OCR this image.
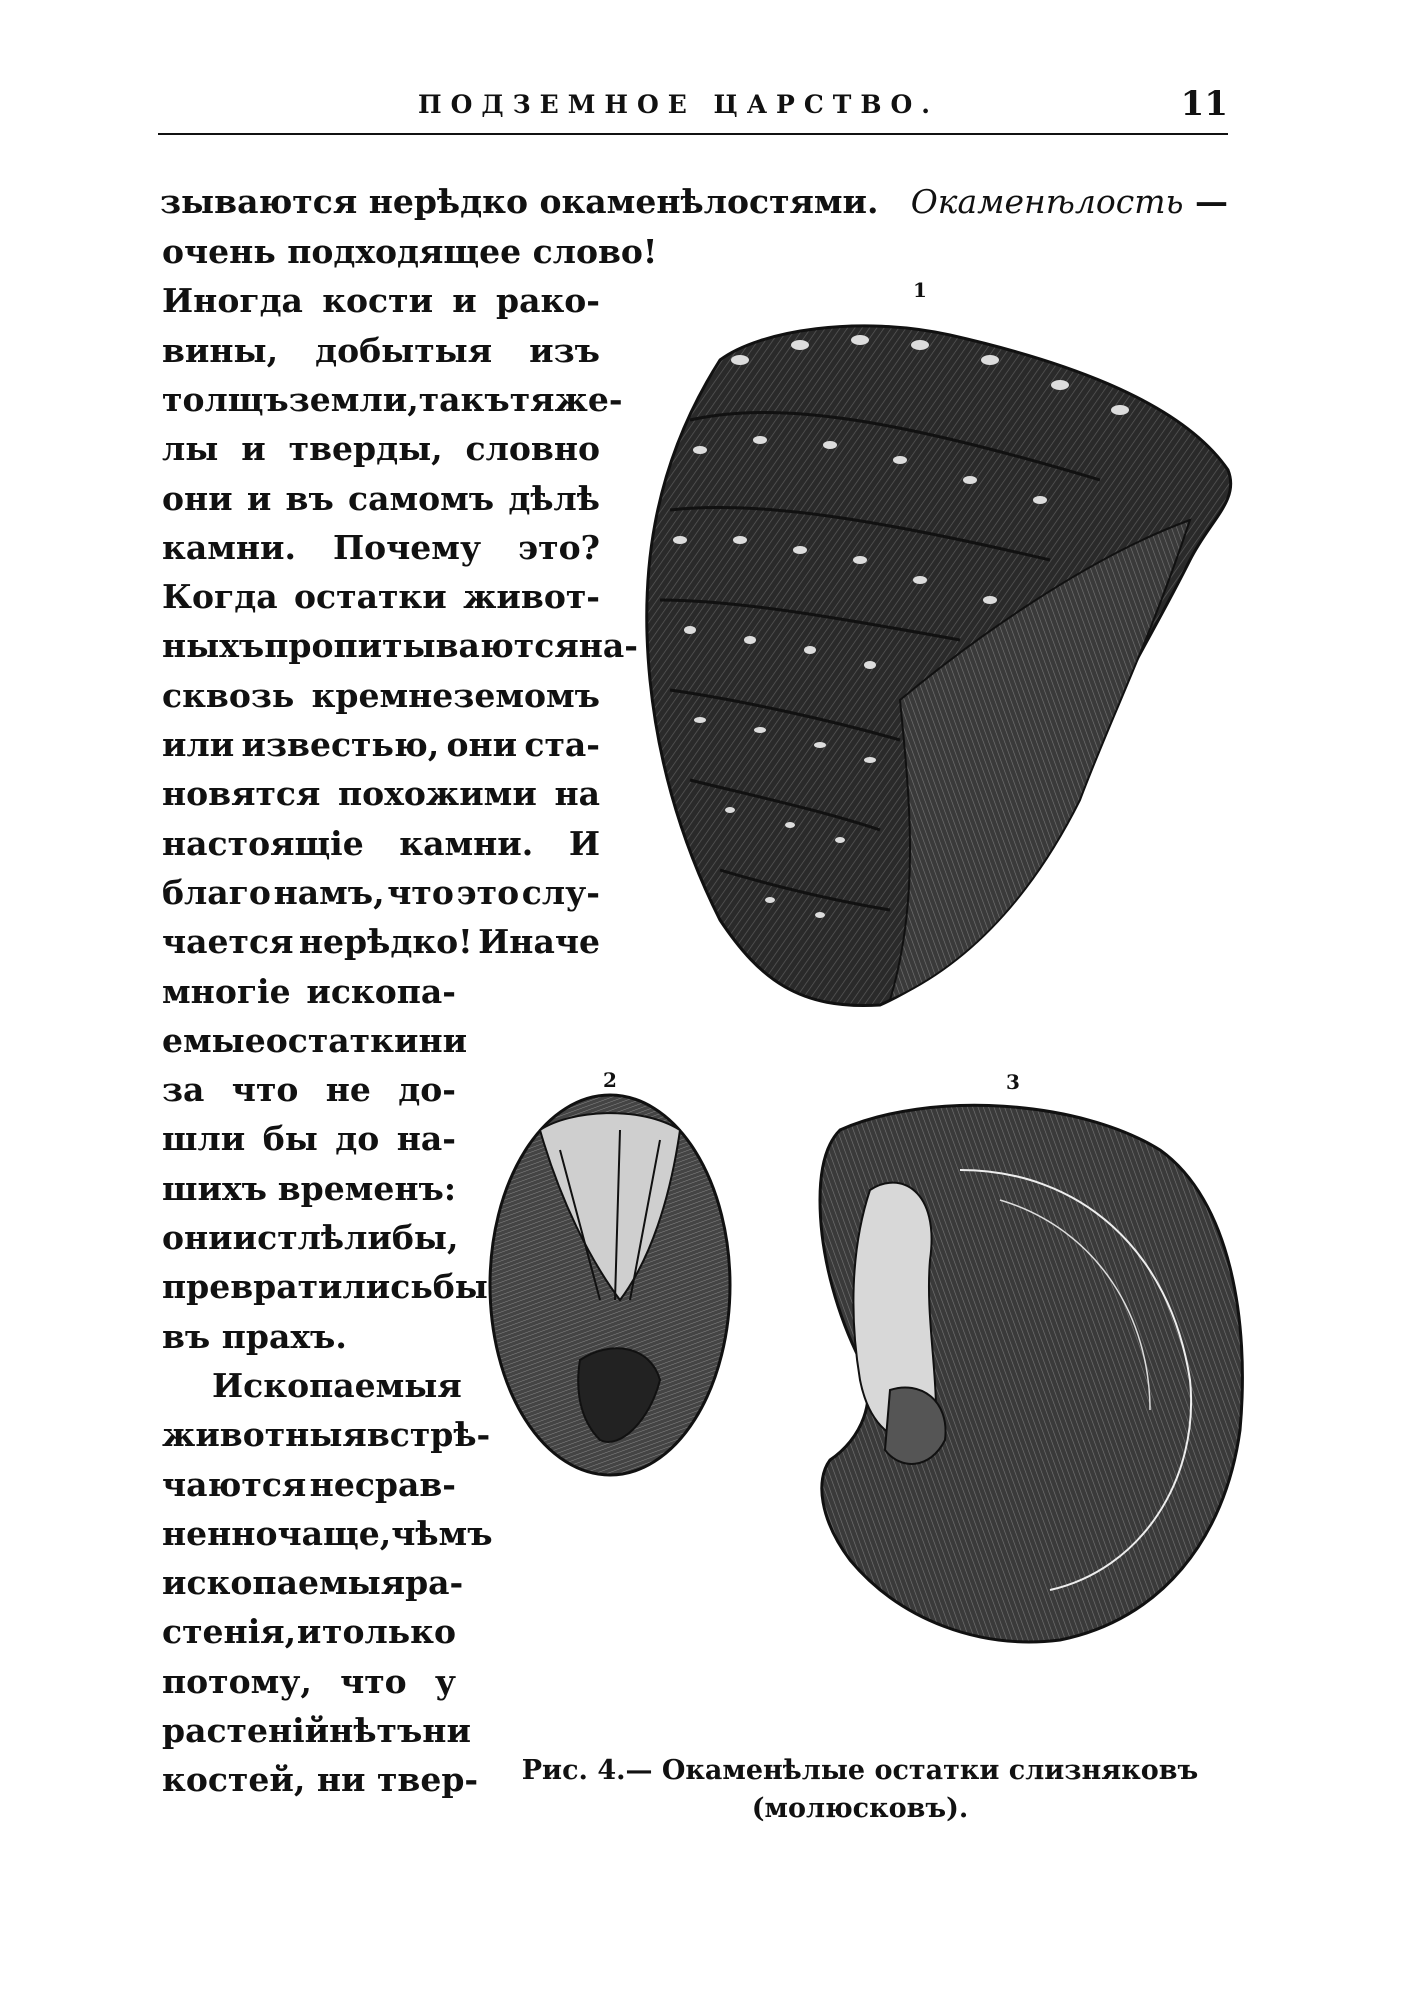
ПОДЗЕМНОЕ ЦАРСТВО.	11
зываются нерѣдко окаменѣлостями. Окаменѣлость —
очень подходящее слово!
Иногда кости и рако-
вины, добытыя изъ
толщъ земли, такъ тяже-
лы и тверды, словно
они и въ самомъ дѣлѣ
камни. Почему это?
Когда остатки живот-
ныхъ пропитываются на-
сквозь кремнеземомъ
или известью, они ста-
новятся похожими на
настоящіе камни. И
благо намъ, что это слу-
чается нерѣдко! Иначе
многіе ископа-
емые остатки ни
за что не до-
шли бы до на-
шихъ временъ:
они истлѣли бы,
превратились бы
въ прахъ.
Ископаемыя
животныя встрѣ-
чаются несрав-
ненно чаще, чѣмъ
ископаемыя ра-
стенія, и только
потому, что у
растеній нѣтъ ни
костей, ни твер-
1
2	3
Рис. 4.— Окаменѣлые остатки слизняковъ
(молюсковъ).
